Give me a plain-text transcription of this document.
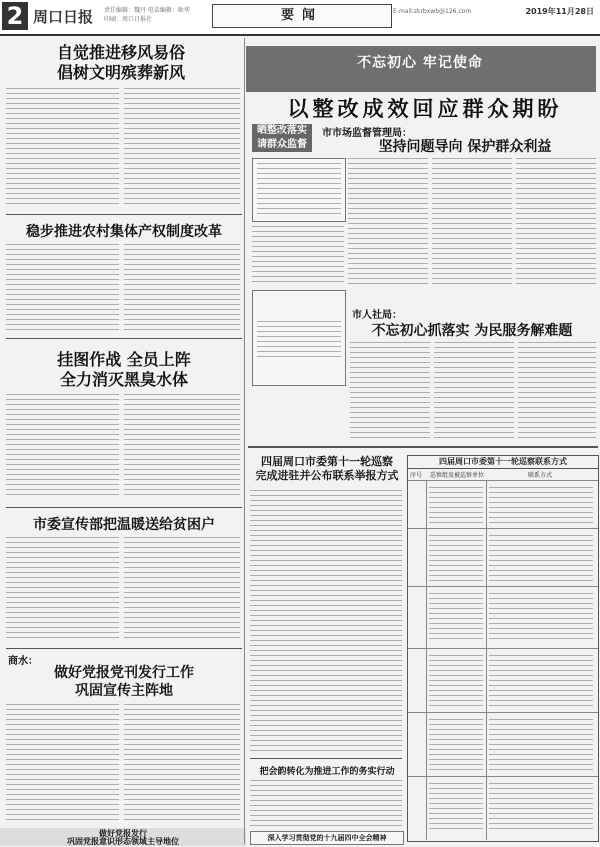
2 周口日报 责任编辑：魏丹 电话编辑：耿华
印刷：周口日报社	要闻	E-mail:zkrbxwb@126.com	2019年11月28日
自觉推进移风易俗
倡树文明殡葬新风
稳步推进农村集体产权制度改革
挂图作战 全员上阵
全力消灭黑臭水体
市委宣传部把温暖送给贫困户
商水：
做好党报党刊发行工作
巩固宣传主阵地
做好党报发行
巩固党报意识形态领域主导地位
不忘初心 牢记使命
以整改成效回应群众期盼
晒整改落实
请群众监督
市市场监督管理局：
坚持问题导向 保护群众利益
市人社局：
不忘初心抓落实 为民服务解难题
四届周口市委第十一轮巡察
完成进驻并公布联系举报方式
把会韵转化为推进工作的务实行动
深入学习贯彻党的十九届四中全会精神
四届周口市委第十一轮巡察联系方式
序号 巡察组及被巡察单位	联系方式
